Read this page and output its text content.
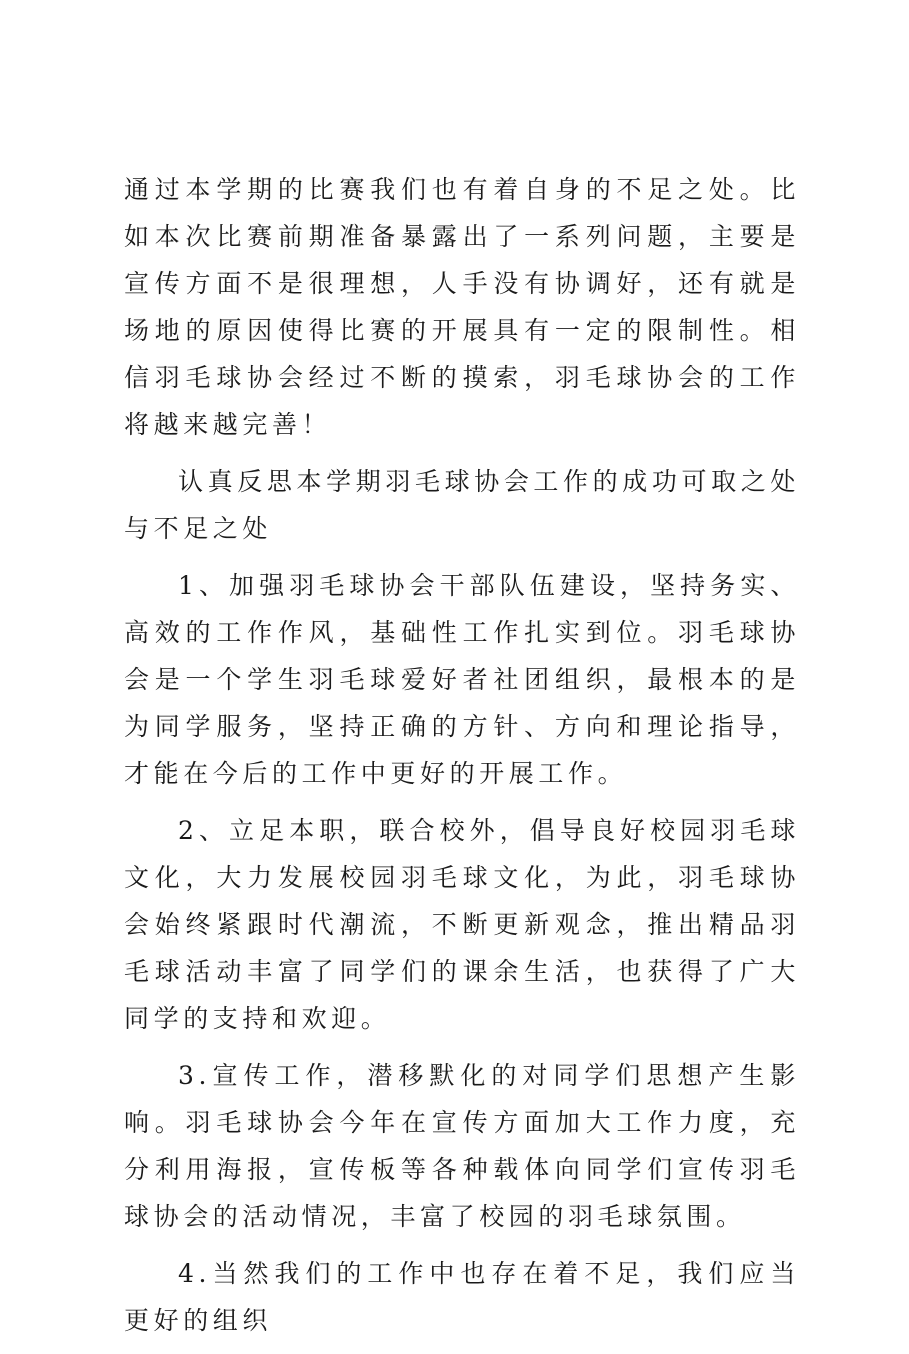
通过本学期的比赛我们也有着自身的不足之处。比如本次比赛前期准备暴露出了一系列问题，主要是宣传方面不是很理想，人手没有协调好，还有就是场地的原因使得比赛的开展具有一定的限制性。相信羽毛球协会经过不断的摸索，羽毛球协会的工作将越来越完善！

认真反思本学期羽毛球协会工作的成功可取之处与不足之处

1、加强羽毛球协会干部队伍建设，坚持务实、高效的工作作风，基础性工作扎实到位。羽毛球协会是一个学生羽毛球爱好者社团组织，最根本的是为同学服务，坚持正确的方针、方向和理论指导，才能在今后的工作中更好的开展工作。

2、立足本职，联合校外，倡导良好校园羽毛球文化，大力发展校园羽毛球文化，为此，羽毛球协会始终紧跟时代潮流，不断更新观念，推出精品羽毛球活动丰富了同学们的课余生活，也获得了广大同学的支持和欢迎。

3.宣传工作，潜移默化的对同学们思想产生影响。羽毛球协会今年在宣传方面加大工作力度，充分利用海报，宣传板等各种载体向同学们宣传羽毛球协会的活动情况，丰富了校园的羽毛球氛围。

4.当然我们的工作中也存在着不足，我们应当更好的组织
